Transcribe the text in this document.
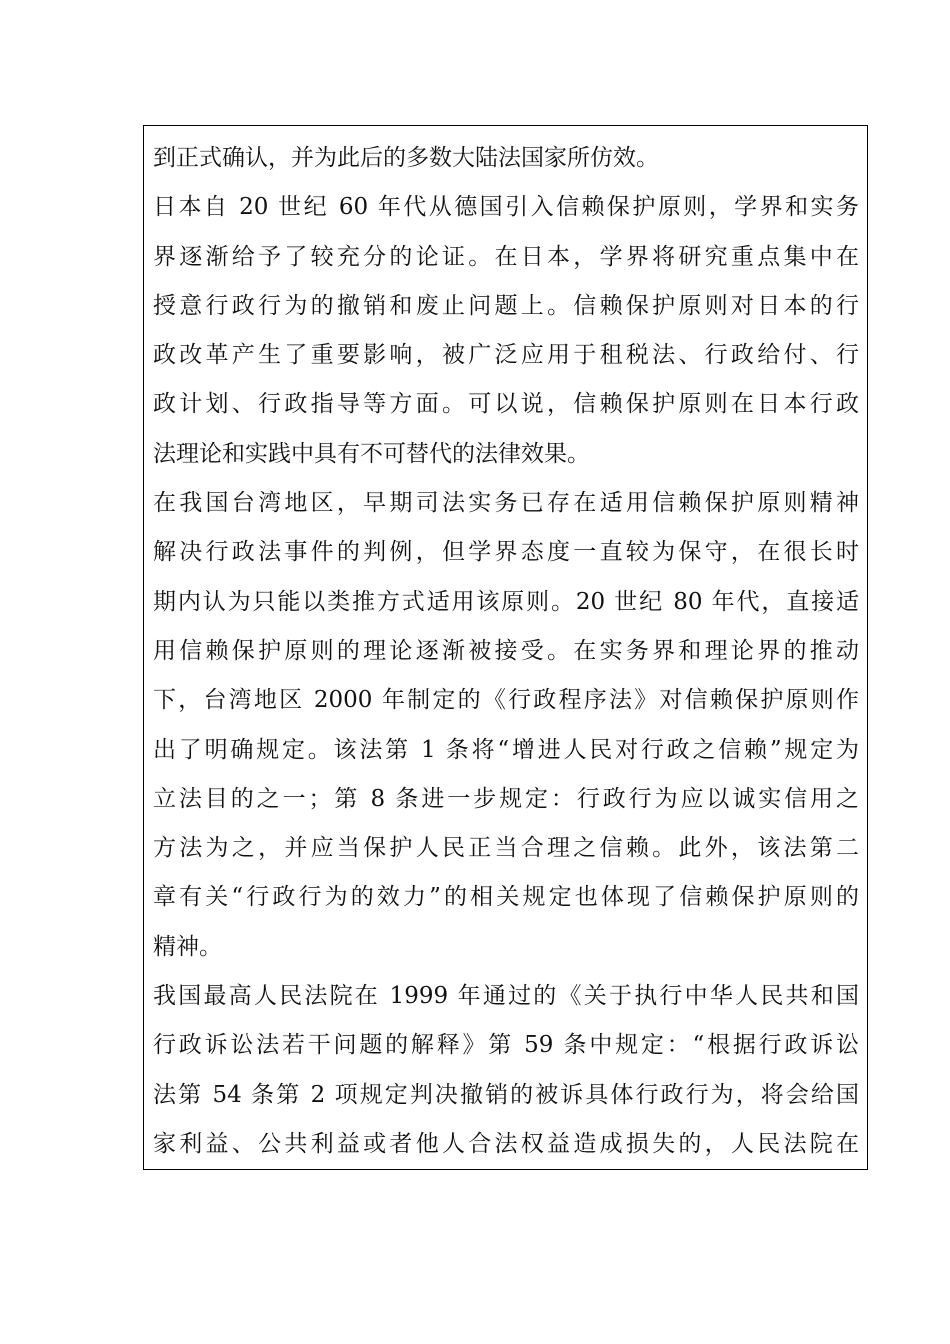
到正式确认，并为此后的多数大陆法国家所仿效。
日本自 20 世纪 60 年代从德国引入信赖保护原则，学界和实务
界逐渐给予了较充分的论证。在日本，学界将研究重点集中在
授意行政行为的撤销和废止问题上。信赖保护原则对日本的行
政改革产生了重要影响，被广泛应用于租税法、行政给付、行
政计划、行政指导等方面。可以说，信赖保护原则在日本行政
法理论和实践中具有不可替代的法律效果。
在我国台湾地区，早期司法实务已存在适用信赖保护原则精神
解决行政法事件的判例，但学界态度一直较为保守，在很长时
期内认为只能以类推方式适用该原则。20 世纪 80 年代，直接适
用信赖保护原则的理论逐渐被接受。在实务界和理论界的推动
下，台湾地区 2000 年制定的《行政程序法》对信赖保护原则作
出了明确规定。该法第 1 条将“增进人民对行政之信赖”规定为
立法目的之一；第 8 条进一步规定：行政行为应以诚实信用之
方法为之，并应当保护人民正当合理之信赖。此外，该法第二
章有关“行政行为的效力”的相关规定也体现了信赖保护原则的
精神。
我国最高人民法院在 1999 年通过的《关于执行中华人民共和国
行政诉讼法若干问题的解释》第 59 条中规定：“根据行政诉讼
法第 54 条第 2 项规定判决撤销的被诉具体行政行为，将会给国
家利益、公共利益或者他人合法权益造成损失的，人民法院在
